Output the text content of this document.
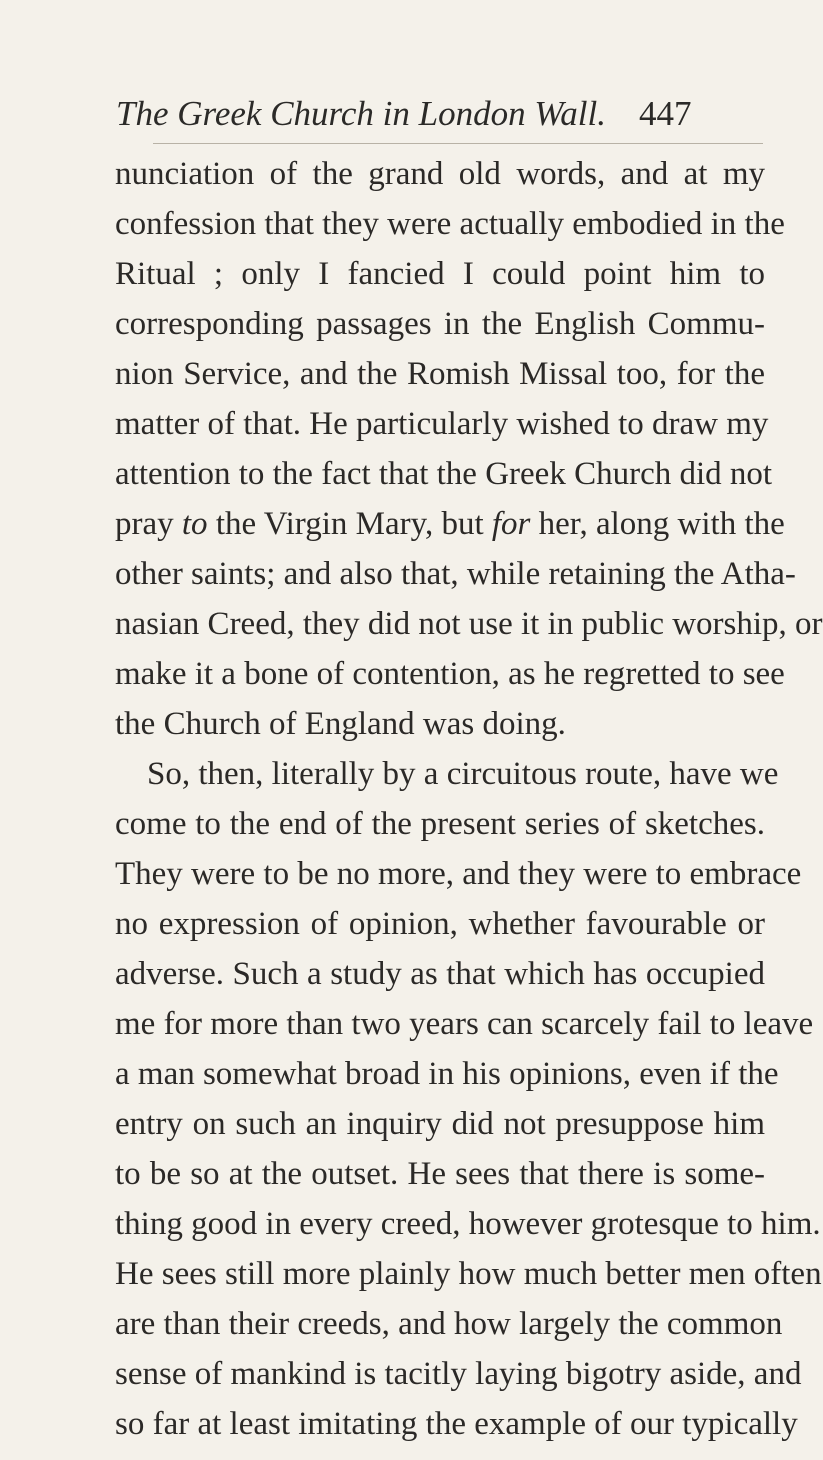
The Greek Church in London Wall. 447
nunciation of the grand old words, and at my
confession that they were actually embodied in the
Ritual ; only I fancied I could point him to
corresponding passages in the English Commu-
nion Service, and the Romish Missal too, for the
matter of that. He particularly wished to draw my
attention to the fact that the Greek Church did not
pray to the Virgin Mary, but for her, along with the
other saints; and also that, while retaining the Atha-
nasian Creed, they did not use it in public worship, or
make it a bone of contention, as he regretted to see
the Church of England was doing.
So, then, literally by a circuitous route, have we
come to the end of the present series of sketches.
They were to be no more, and they were to embrace
no expression of opinion, whether favourable or
adverse. Such a study as that which has occupied
me for more than two years can scarcely fail to leave
a man somewhat broad in his opinions, even if the
entry on such an inquiry did not presuppose him
to be so at the outset. He sees that there is some-
thing good in every creed, however grotesque to him.
He sees still more plainly how much better men often
are than their creeds, and how largely the common
sense of mankind is tacitly laying bigotry aside, and
so far at least imitating the example of our typically
